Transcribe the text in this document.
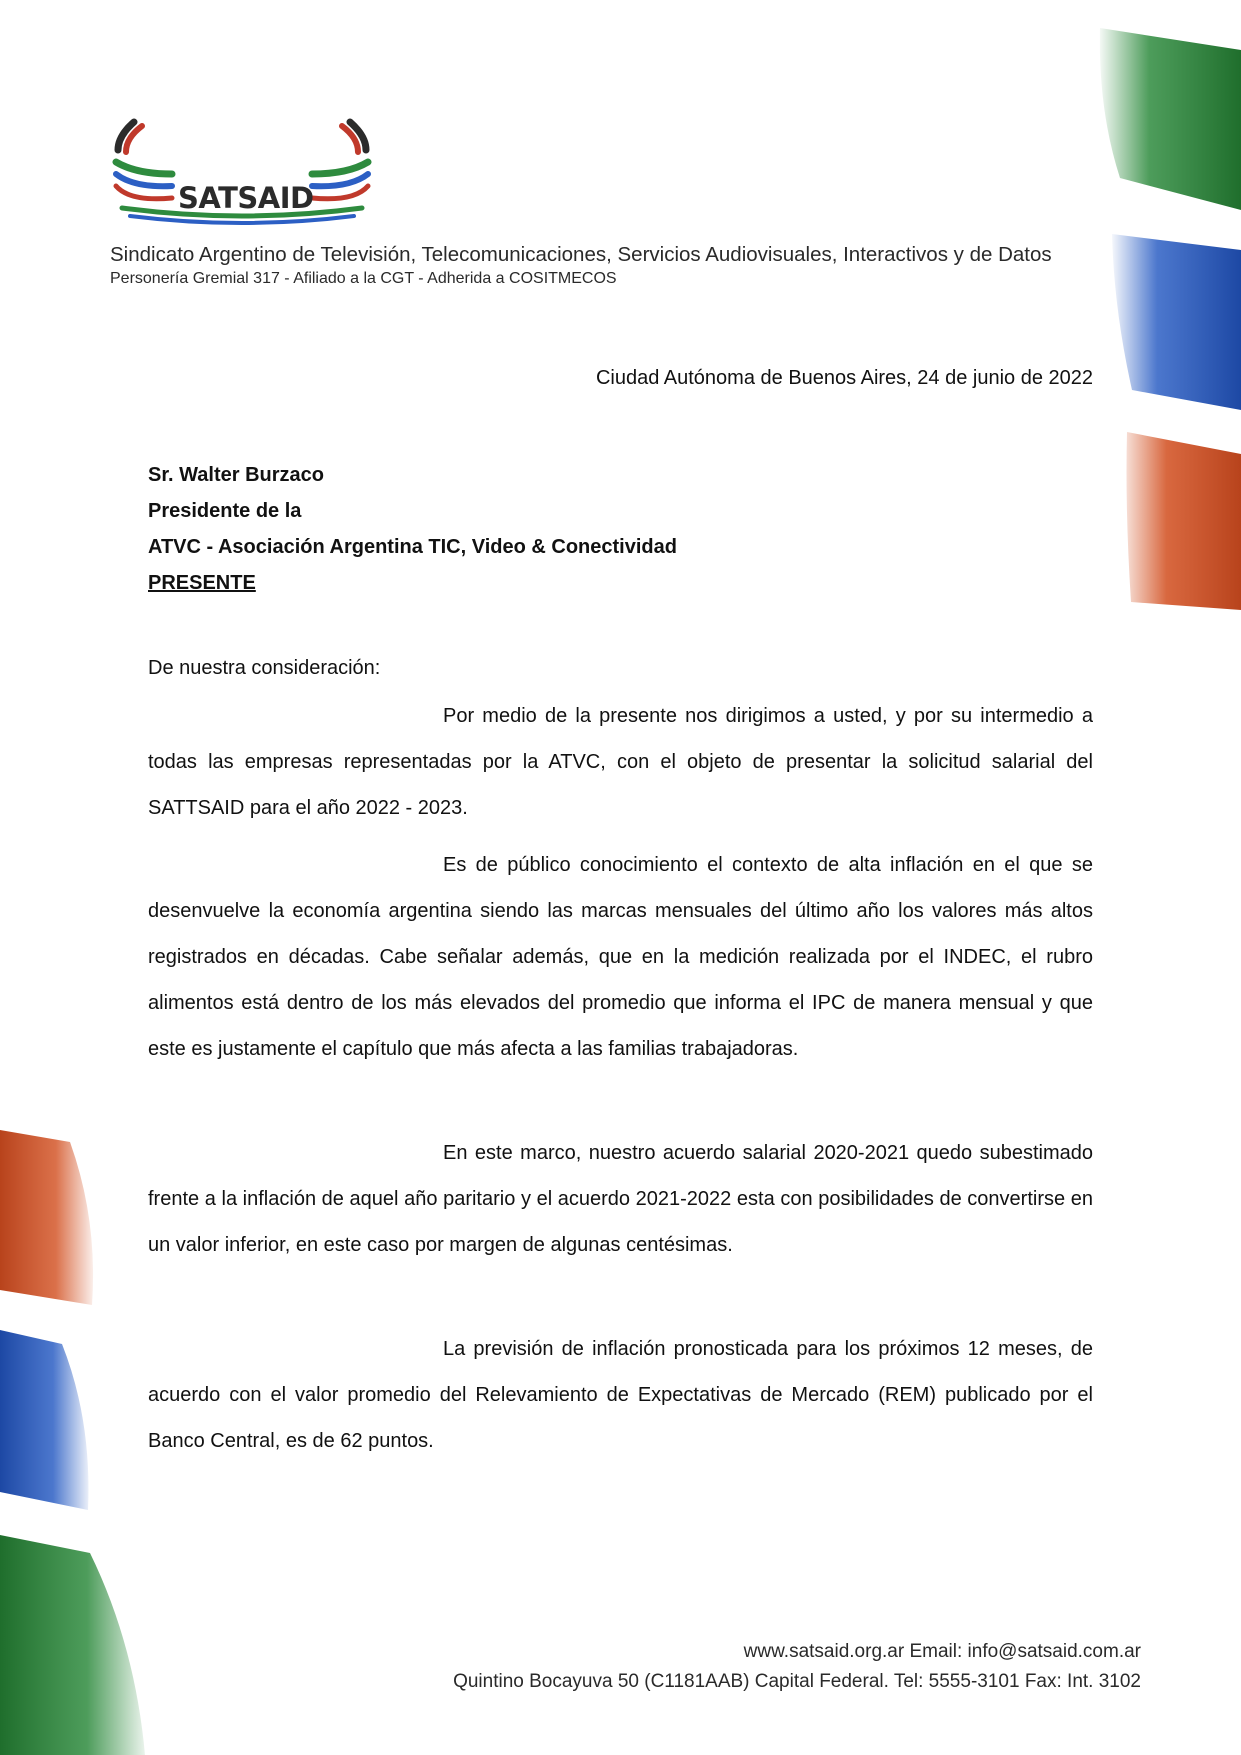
SATSAID
Sindicato Argentino de Televisión, Telecomunicaciones, Servicios Audiovisuales, Interactivos y de Datos
Personería Gremial 317 - Afiliado a la CGT - Adherida a COSITMECOS
Ciudad Autónoma de Buenos Aires, 24 de junio de 2022
Sr. Walter Burzaco
Presidente de la
ATVC - Asociación Argentina TIC, Video & Conectividad
PRESENTE
De nuestra consideración:

Por medio de la presente nos dirigimos a usted, y por su intermedio a todas las empresas representadas por la ATVC, con el objeto de presentar la solicitud salarial del SATTSAID para el año 2022 - 2023.

Es de público conocimiento el contexto de alta inflación en el que se desenvuelve la economía argentina siendo las marcas mensuales del último año los valores más altos registrados en décadas. Cabe señalar además, que en la medición realizada por el INDEC, el rubro alimentos está dentro de los más elevados del promedio que informa el IPC de manera mensual y que este es justamente el capítulo que más afecta a las familias trabajadoras.

En este marco, nuestro acuerdo salarial 2020-2021 quedo subestimado frente a la inflación de aquel año paritario y el acuerdo 2021-2022 esta con posibilidades de convertirse en un valor inferior, en este caso por margen de algunas centésimas.

La previsión de inflación pronosticada para los próximos 12 meses, de acuerdo con el valor promedio del Relevamiento de Expectativas de Mercado (REM) publicado por el Banco Central, es de 62 puntos.

www.satsaid.org.ar Email: info@satsaid.com.ar
Quintino Bocayuva 50 (C1181AAB) Capital Federal. Tel: 5555-3101 Fax: Int. 3102
